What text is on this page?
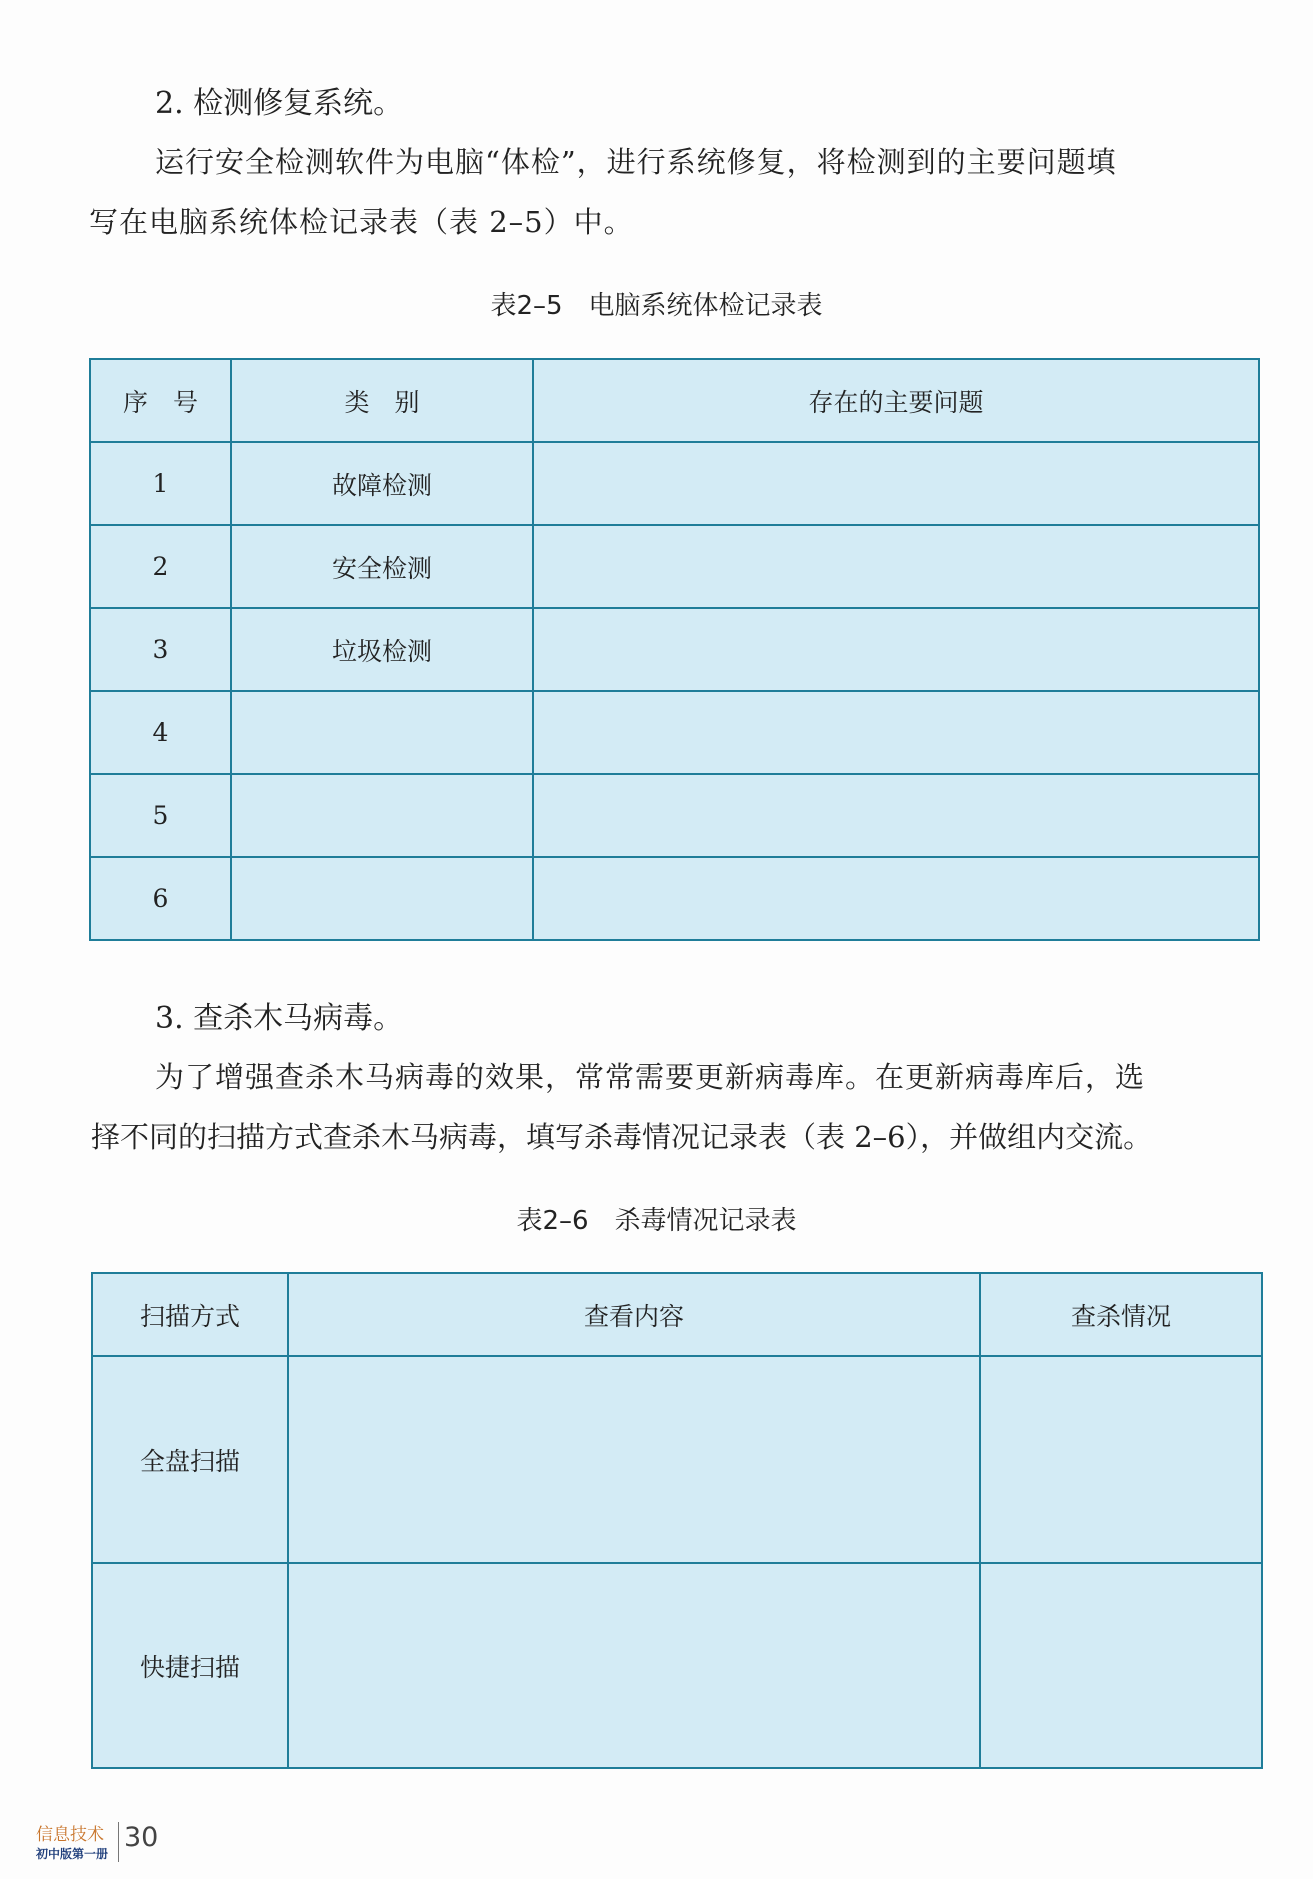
2. 检测修复系统。
运行安全检测软件为电脑“体检”，进行系统修复，将检测到的主要问题填
写在电脑系统体检记录表（表 2–5）中。
表2–5　电脑系统体检记录表
序　号	类　别	存在的主要问题
1	故障检测	
2	安全检测	
3	垃圾检测	
4		
5		
6		
3. 查杀木马病毒。
为了增强查杀木马病毒的效果，常常需要更新病毒库。在更新病毒库后，选
择不同的扫描方式查杀木马病毒，填写杀毒情况记录表（表 2–6），并做组内交流。
表2–6　杀毒情况记录表
扫描方式	查看内容	查杀情况
全盘扫描		
快捷扫描		
信息技术
初中版第一册
30
